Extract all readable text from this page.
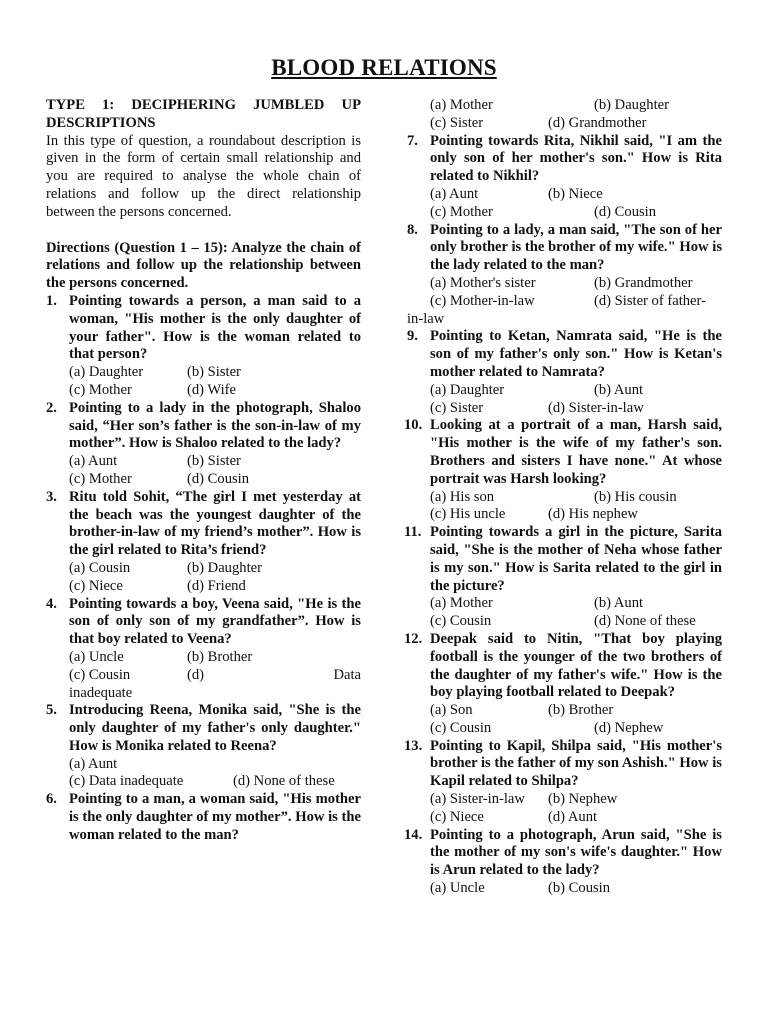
BLOOD RELATIONS
TYPE 1: DECIPHERING JUMBLED UP DESCRIPTIONS
In this type of question, a roundabout description is given in the form of certain small relationship and you are required to analyse the whole chain of relations and follow up the direct relationship between the persons concerned.
Directions (Question 1 – 15): Analyze the chain of relations and follow up the relationship between the persons concerned.
1. Pointing towards a person, a man said to a woman, "His mother is the only daughter of your father". How is the woman related to that person?
(a) Daughter	(b) Sister
(c) Mother	(d) Wife
2. Pointing to a lady in the photograph, Shaloo said, “Her son’s father is the son-in-law of my mother”. How is Shaloo related to the lady?
(a) Aunt	(b) Sister
(c) Mother	(d) Cousin
3. Ritu told Sohit, “The girl I met yesterday at the beach was the youngest daughter of the brother-in-law of my friend’s mother”. How is the girl related to Rita’s friend?
(a) Cousin	(b) Daughter
(c) Niece	(d) Friend
4. Pointing towards a boy, Veena said, "He is the son of only son of my grandfather”. How is that boy related to Veena?
(a) Uncle	(b) Brother
(c) Cousin	(d)	Data
inadequate
5. Introducing Reena, Monika said, "She is the only daughter of my father's only daughter." How is Monika related to Reena?
(a) Aunt
(c) Data inadequate	(d) None of these
6. Pointing to a man, a woman said, "His mother is the only daughter of my mother”. How is the woman related to the man?
(a) Mother	(b) Daughter
(c) Sister	(d) Grandmother
7. Pointing towards Rita, Nikhil said, "I am the only son of her mother's son." How is Rita related to Nikhil?
(a) Aunt	(b) Niece
(c) Mother	(d) Cousin
8. Pointing to a lady, a man said, "The son of her only brother is the brother of my wife." How is the lady related to the man?
(a) Mother's sister	(b) Grandmother
(c) Mother-in-law	(d) Sister of father-
in-law
9. Pointing to Ketan, Namrata said, "He is the son of my father's only son." How is Ketan's mother related to Namrata?
(a) Daughter	(b) Aunt
(c) Sister	(d) Sister-in-law
10. Looking at a portrait of a man, Harsh said, "His mother is the wife of my father's son. Brothers and sisters I have none." At whose portrait was Harsh looking?
(a) His son	(b) His cousin
(c) His uncle	(d) His nephew
11. Pointing towards a girl in the picture, Sarita said, "She is the mother of Neha whose father is my son." How is Sarita related to the girl in the picture?
(a) Mother	(b) Aunt
(c) Cousin	(d) None of these
12. Deepak said to Nitin, "That boy playing football is the younger of the two brothers of the daughter of my father's wife." How is the boy playing football related to Deepak?
(a) Son	(b) Brother
(c) Cousin	(d) Nephew
13. Pointing to Kapil, Shilpa said, "His mother's brother is the father of my son Ashish." How is Kapil related to Shilpa?
(a) Sister-in-law	(b) Nephew
(c) Niece	(d) Aunt
14. Pointing to a photograph, Arun said, "She is the mother of my son's wife's daughter." How is Arun related to the lady?
(a) Uncle	(b) Cousin
